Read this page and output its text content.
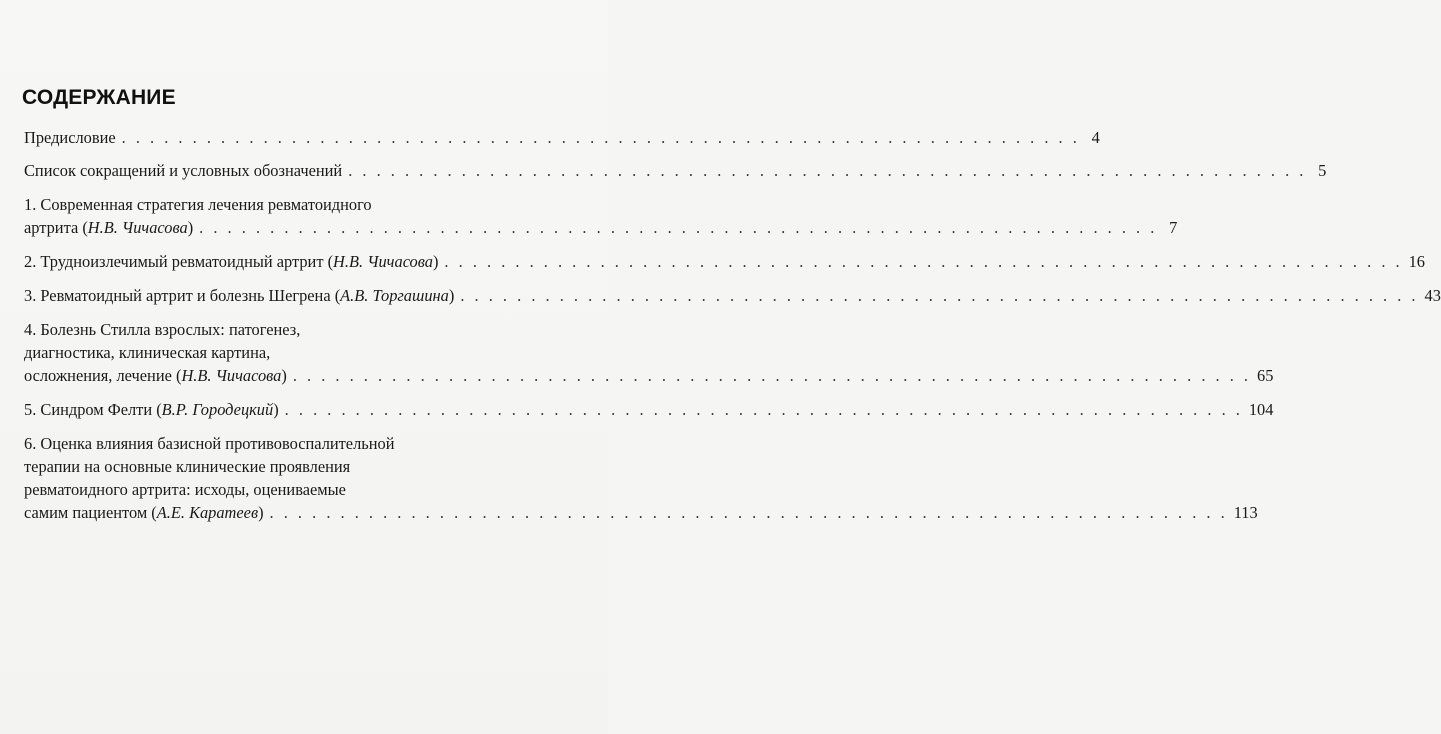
СОДЕРЖАНИЕ
Предисловие . . . . . . . . . . . . . . . . . . . . . . . . . . . . . . . . . . . . . . . . . . . . . . . . . . . . . . . . . . . . . . . . . . . . 4
Список сокращений и условных обозначений . . . . . . . . . . . . . . . . . . . . . . . . . . . . . . . . . . . . . . . . . . . . . . . . . . . . . . . . . . . . . . . . . . . . 5
1. Современная стратегия лечения ревматоидного
артрита (Н.В. Чичасова) . . . . . . . . . . . . . . . . . . . . . . . . . . . . . . . . . . . . . . . . . . . . . . . . . . . . . . . . . . . . . . . . . . . . 7
2. Трудноизлечимый ревматоидный артрит (Н.В. Чичасова) . . . . . . . . . . . . . . . . . . . . . . . . . . . . . . . . . . . . . . . . . . . . . . . . . . . . . . . . . . . . . . . . . . . . 16
3. Ревматоидный артрит и болезнь Шегрена (А.В. Торгашина) . . . . . . . . . . . . . . . . . . . . . . . . . . . . . . . . . . . . . . . . . . . . . . . . . . . . . . . . . . . . . . . . . . . . 43
4. Болезнь Стилла взрослых: патогенез,
диагностика, клиническая картина,
осложнения, лечение (Н.В. Чичасова) . . . . . . . . . . . . . . . . . . . . . . . . . . . . . . . . . . . . . . . . . . . . . . . . . . . . . . . . . . . . . . . . . . . . 65
5. Синдром Фелти (В.Р. Городецкий) . . . . . . . . . . . . . . . . . . . . . . . . . . . . . . . . . . . . . . . . . . . . . . . . . . . . . . . . . . . . . . . . . . . . 104
6. Оценка влияния базисной противовоспалительной
терапии на основные клинические проявления
ревматоидного артрита: исходы, оцениваемые
самим пациентом (А.Е. Каратеев) . . . . . . . . . . . . . . . . . . . . . . . . . . . . . . . . . . . . . . . . . . . . . . . . . . . . . . . . . . . . . . . . . . . . 113
